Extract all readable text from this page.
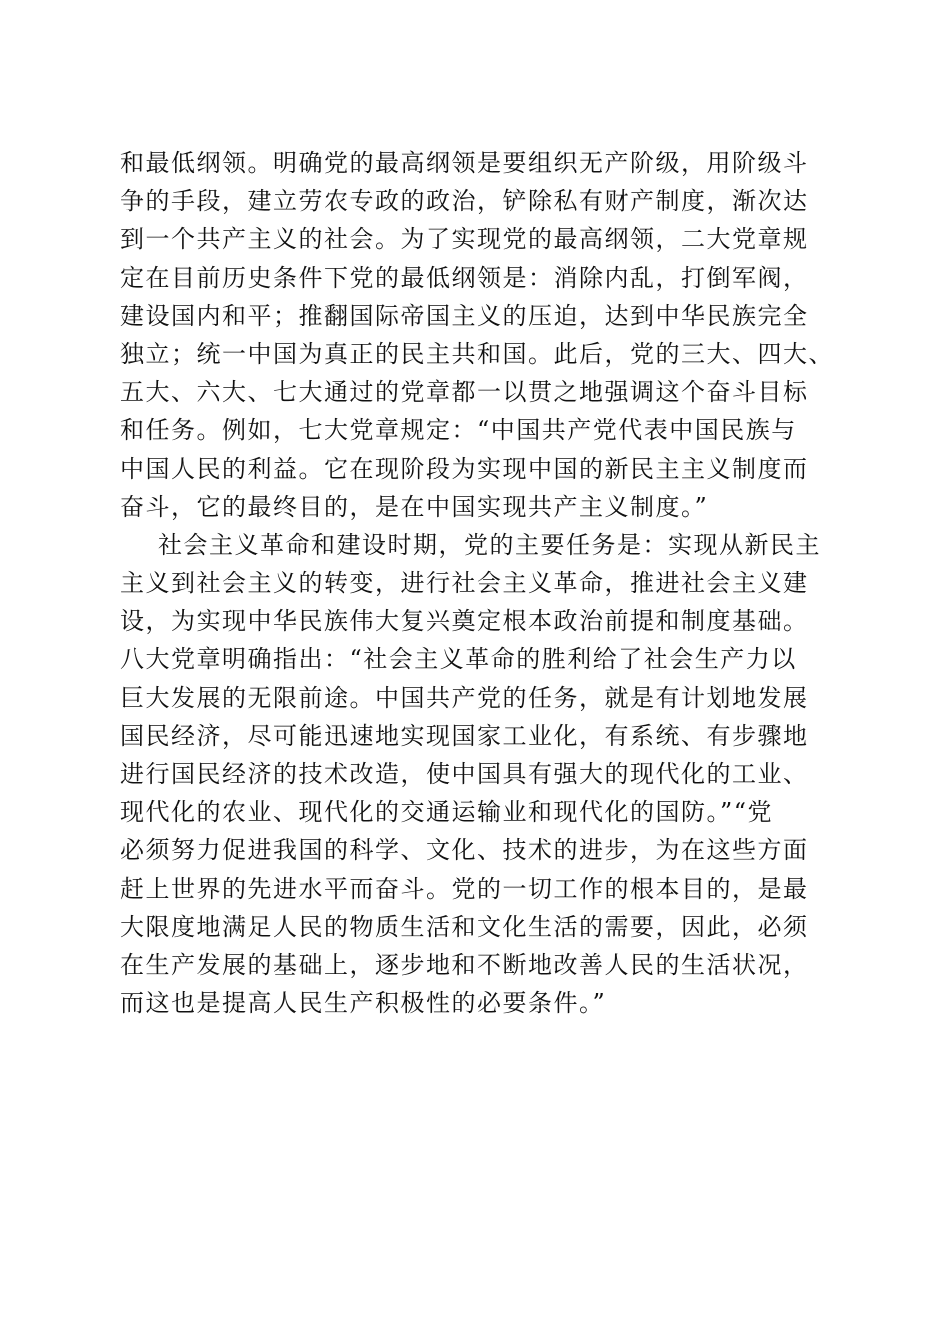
和最低纲领。明确党的最高纲领是要组织无产阶级，用阶级斗
争的手段，建立劳农专政的政治，铲除私有财产制度，渐次达
到一个共产主义的社会。为了实现党的最高纲领，二大党章规
定在目前历史条件下党的最低纲领是：消除内乱，打倒军阀，
建设国内和平；推翻国际帝国主义的压迫，达到中华民族完全
独立；统一中国为真正的民主共和国。此后，党的三大、四大、
五大、六大、七大通过的党章都一以贯之地强调这个奋斗目标
和任务。例如，七大党章规定：“中国共产党代表中国民族与
中国人民的利益。它在现阶段为实现中国的新民主主义制度而
奋斗，它的最终目的，是在中国实现共产主义制度。”
社会主义革命和建设时期，党的主要任务是：实现从新民主
主义到社会主义的转变，进行社会主义革命，推进社会主义建
设，为实现中华民族伟大复兴奠定根本政治前提和制度基础。
八大党章明确指出：“社会主义革命的胜利给了社会生产力以
巨大发展的无限前途。中国共产党的任务，就是有计划地发展
国民经济，尽可能迅速地实现国家工业化，有系统、有步骤地
进行国民经济的技术改造，使中国具有强大的现代化的工业、
现代化的农业、现代化的交通运输业和现代化的国防。”“党
必须努力促进我国的科学、文化、技术的进步，为在这些方面
赶上世界的先进水平而奋斗。党的一切工作的根本目的，是最
大限度地满足人民的物质生活和文化生活的需要，因此，必须
在生产发展的基础上，逐步地和不断地改善人民的生活状况，
而这也是提高人民生产积极性的必要条件。”
